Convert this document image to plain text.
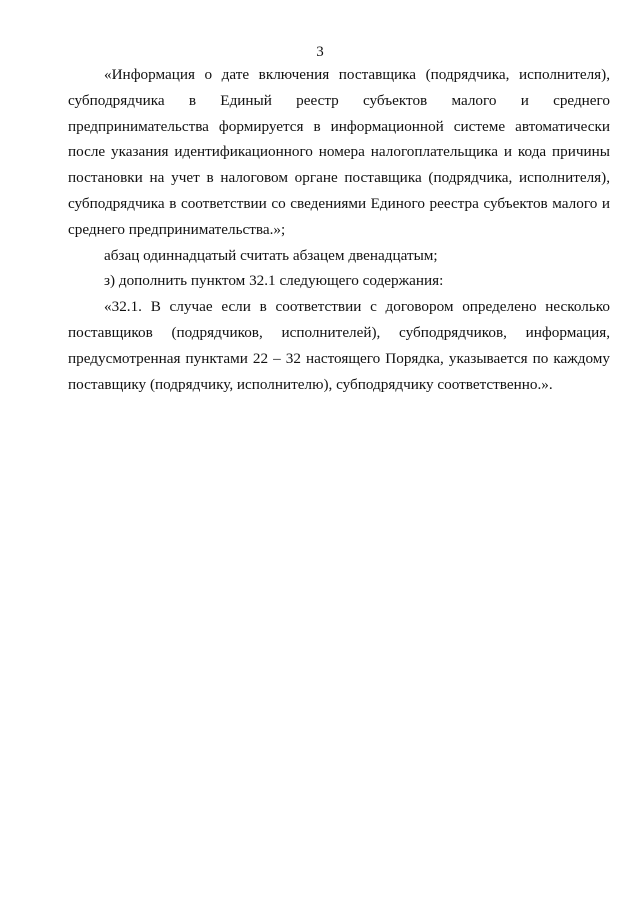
3

«Информация о дате включения поставщика (подрядчика, исполнителя), субподрядчика в Единый реестр субъектов малого и среднего предпринимательства формируется в информационной системе автоматически после указания идентификационного номера налогоплательщика и кода причины постановки на учет в налоговом органе поставщика (подрядчика, исполнителя), субподрядчика в соответствии со сведениями Единого реестра субъектов малого и среднего предпринимательства.»;

абзац одиннадцатый считать абзацем двенадцатым;

з) дополнить пунктом 32.1 следующего содержания:

«32.1. В случае если в соответствии с договором определено несколько поставщиков (подрядчиков, исполнителей), субподрядчиков, информация, предусмотренная пунктами 22 – 32 настоящего Порядка, указывается по каждому поставщику (подрядчику, исполнителю), субподрядчику соответственно.».
